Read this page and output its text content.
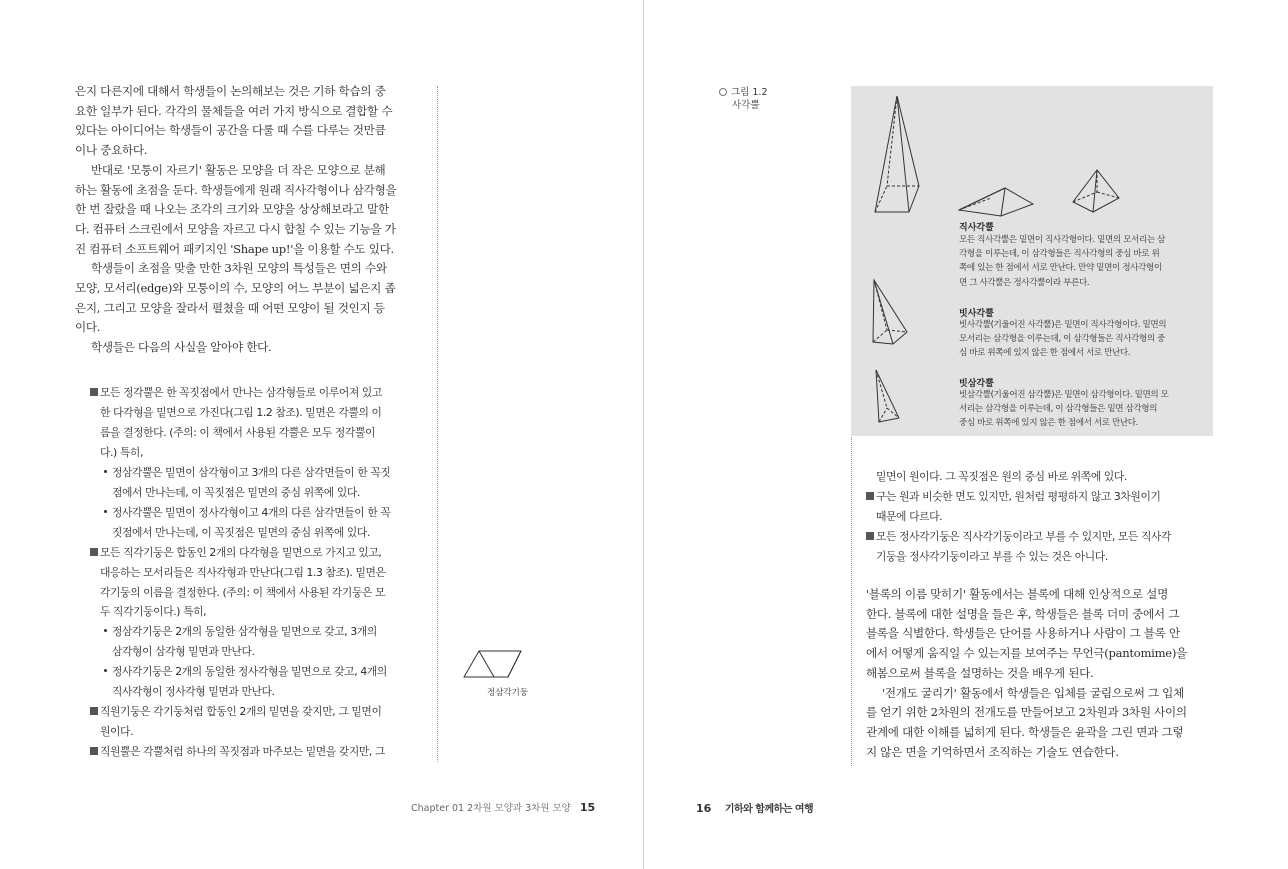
은지 다른지에 대해서 학생들이 논의해보는 것은 기하 학습의 중
요한 일부가 된다. 각각의 물체들을 여러 가지 방식으로 결합할 수
있다는 아이디어는 학생들이 공간을 다룰 때 수를 다루는 것만큼
이나 중요하다.
반대로 '모퉁이 자르기' 활동은 모양을 더 작은 모양으로 분해
하는 활동에 초점을 둔다. 학생들에게 원래 직사각형이나 삼각형을
한 번 잘랐을 때 나오는 조각의 크기와 모양을 상상해보라고 말한
다. 컴퓨터 스크린에서 모양을 자르고 다시 합칠 수 있는 기능을 가
진 컴퓨터 소프트웨어 패키지인 'Shape up!'을 이용할 수도 있다.
학생들이 초점을 맞출 만한 3차원 모양의 특성들은 면의 수와
모양, 모서리(edge)와 모퉁이의 수, 모양의 어느 부분이 넓은지 좁
은지, 그리고 모양을 잘라서 펼쳤을 때 어떤 모양이 될 것인지 등
이다.
학생들은 다음의 사실을 알아야 한다.
모든 정각뿔은 한 꼭짓점에서 만나는 삼각형들로 이루어져 있고
한 다각형을 밑면으로 가진다(그림 1.2 참조). 밑면은 각뿔의 이
름을 결정한다. (주의: 이 책에서 사용된 각뿔은 모두 정각뿔이
다.) 특히,
정삼각뿔은 밑면이 삼각형이고 3개의 다른 삼각면들이 한 꼭짓
점에서 만나는데, 이 꼭짓점은 밑면의 중심 위쪽에 있다.
정사각뿔은 밑면이 정사각형이고 4개의 다른 삼각면들이 한 꼭
짓점에서 만나는데, 이 꼭짓점은 밑면의 중심 위쪽에 있다.
모든 직각기둥은 합동인 2개의 다각형을 밑면으로 가지고 있고,
대응하는 모서리들은 직사각형과 만난다(그림 1.3 참조). 밑면은
각기둥의 이름을 결정한다. (주의: 이 책에서 사용된 각기둥은 모
두 직각기둥이다.) 특히,
정삼각기둥은 2개의 동일한 삼각형을 밑면으로 갖고, 3개의
삼각형이 삼각형 밑면과 만난다.
정사각기둥은 2개의 동일한 정사각형을 밑면으로 갖고, 4개의
직사각형이 정사각형 밑면과 만난다.
직원기둥은 각기둥처럼 합동인 2개의 밑면을 갖지만, 그 밑면이
원이다.
직원뿔은 각뿔처럼 하나의 꼭짓점과 마주보는 밑면을 갖지만, 그
정삼각기둥
Chapter 01 2차원 모양과 3차원 모양 15
그림 1.2
사각뿔
직사각뿔
모든 직사각뿔은 밑면이 직사각형이다. 밑면의 모서리는 삼
각형을 이루는데, 이 삼각형들은 직사각형의 중심 바로 위
쪽에 있는 한 점에서 서로 만난다. 만약 밑면이 정사각형이
면 그 사각뿔은 정사각뿔이라 부른다.
빗사각뿔
빗사각뿔(기울어진 사각뿔)은 밑면이 직사각형이다. 밑면의
모서리는 삼각형을 이루는데, 이 삼각형들은 직사각형의 중
심 바로 위쪽에 있지 않은 한 점에서 서로 만난다.
빗삼각뿔
빗삼각뿔(기울어진 삼각뿔)은 밑면이 삼각형이다. 밑면의 모
서리는 삼각형을 이루는데, 이 삼각형들은 밑면 삼각형의
중심 바로 위쪽에 있지 않은 한 점에서 서로 만난다.
밑면이 원이다. 그 꼭짓점은 원의 중심 바로 위쪽에 있다.
구는 원과 비슷한 면도 있지만, 원처럼 평평하지 않고 3차원이기
때문에 다르다.
모든 정사각기둥은 직사각기둥이라고 부를 수 있지만, 모든 직사각
기둥을 정사각기둥이라고 부를 수 있는 것은 아니다.
'블록의 이름 맞히기' 활동에서는 블록에 대해 인상적으로 설명
한다. 블록에 대한 설명을 들은 후, 학생들은 블록 더미 중에서 그
블록을 식별한다. 학생들은 단어를 사용하거나 사람이 그 블록 안
에서 어떻게 움직일 수 있는지를 보여주는 무언극(pantomime)을
해봄으로써 블록을 설명하는 것을 배우게 된다.
'전개도 굴리기' 활동에서 학생들은 입체를 굴림으로써 그 입체
를 얻기 위한 2차원의 전개도를 만들어보고 2차원과 3차원 사이의
관계에 대한 이해를 넓히게 된다. 학생들은 윤곽을 그린 면과 그렇
지 않은 면을 기억하면서 조직하는 기술도 연습한다.
16 기하와 함께하는 여행
